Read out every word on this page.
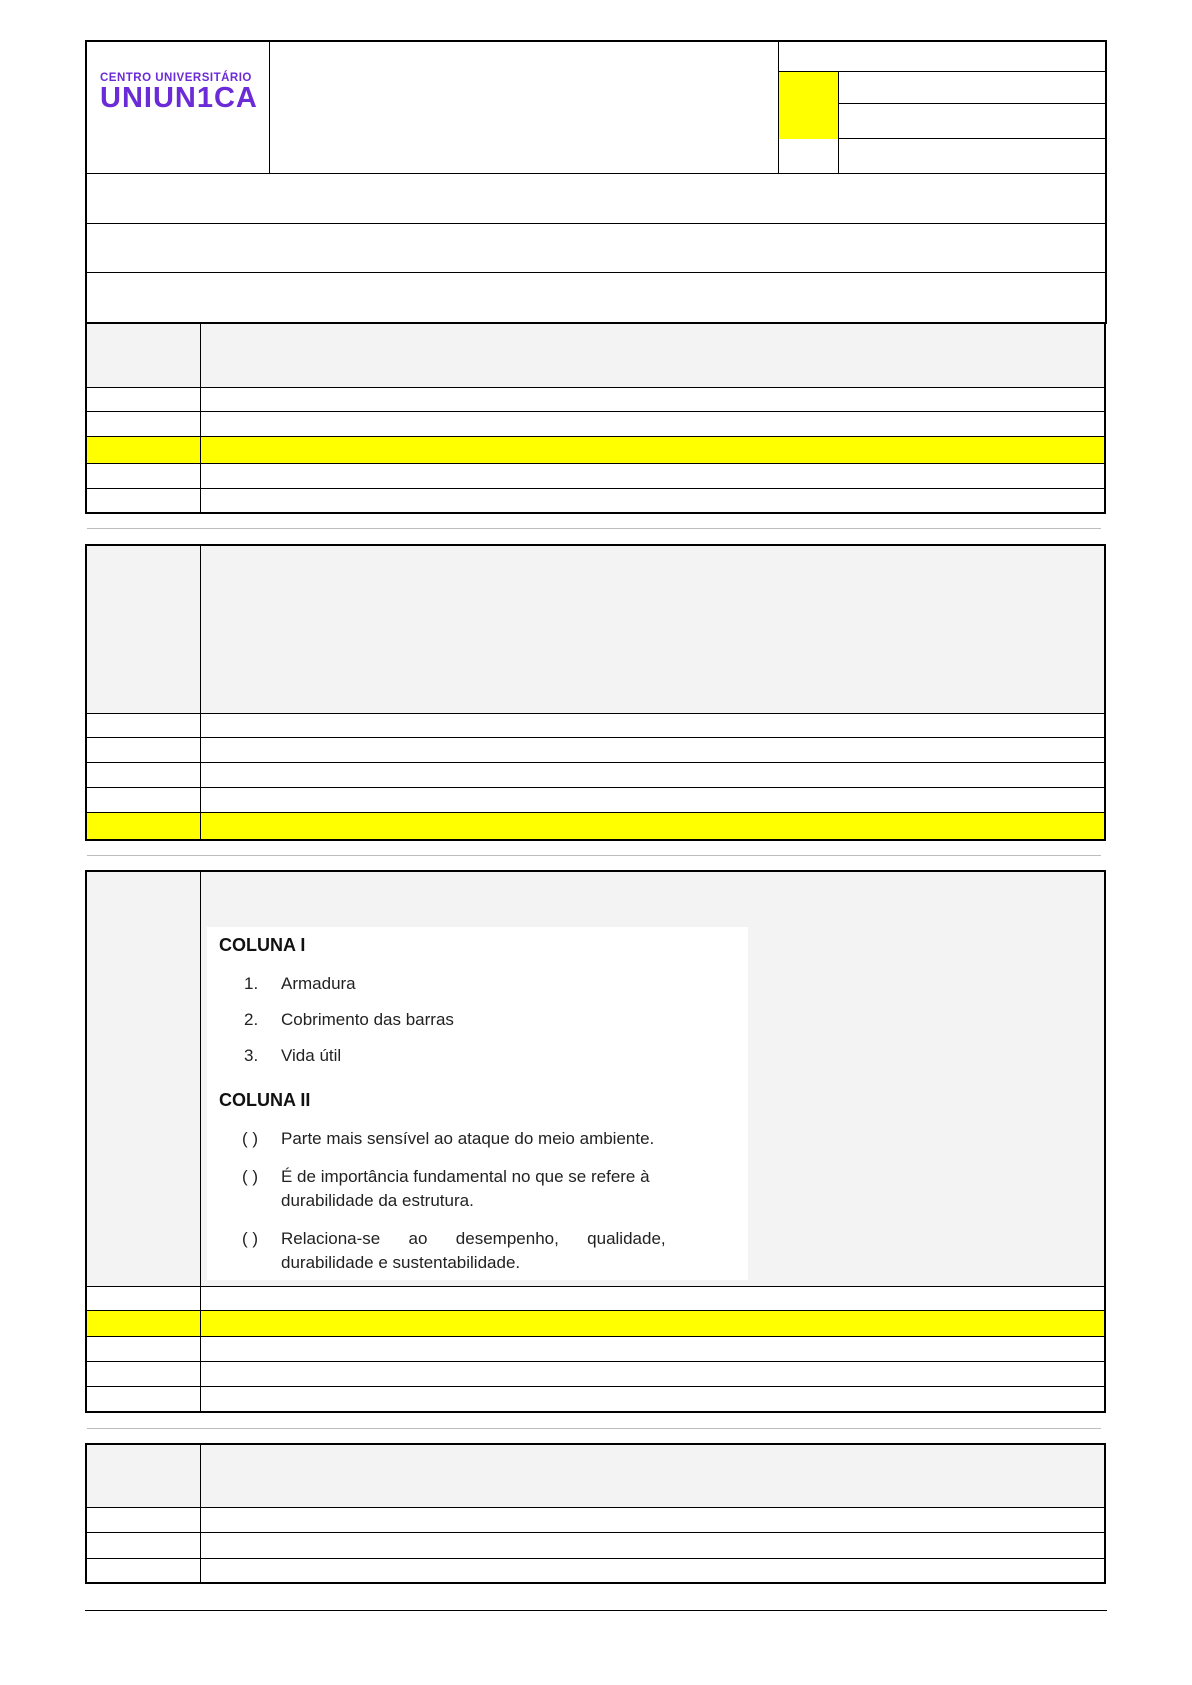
CENTRO UNIVERSITÁRIO
UNIUN1CA
COLUNA I
1. Armadura
2. Cobrimento das barras
3. Vida útil
COLUNA II
( ) Parte mais sensível ao ataque do meio ambiente.
( ) É de importância fundamental no que se refere à
durabilidade da estrutura.
( ) Relaciona-se      ao      desempenho,      qualidade,
durabilidade e sustentabilidade.
